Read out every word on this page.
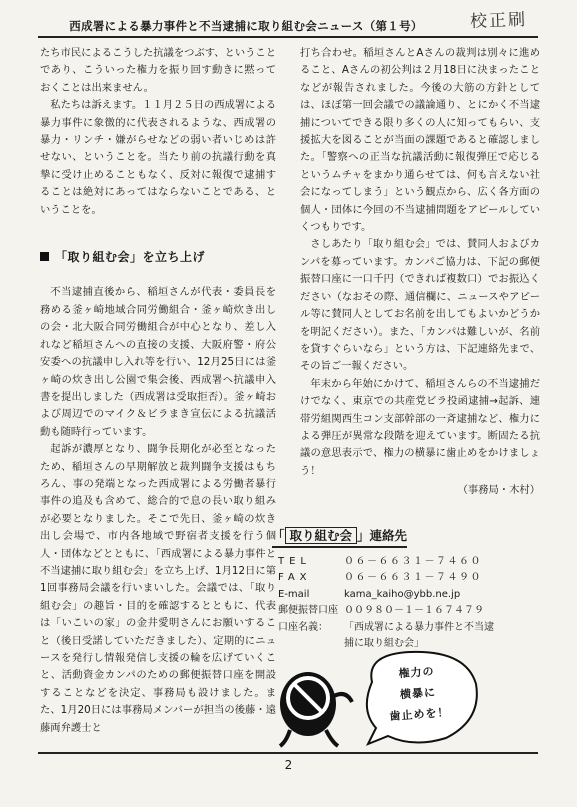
校正刷
西成署による暴力事件と不当逮捕に取り組む会ニュース（第１号）

たち市民によるこうした抗議をつぶす、ということであり、こういった権力を振り回す動きに黙っておくことは出来ません。

私たちは訴えます。１１月２５日の西成署による暴力事件に象徴的に代表されるような、西成署の暴力・リンチ・嫌がらせなどの弱い者いじめは許せない、ということを。当たり前の抗議行動を真摯に受け止めることもなく、反対に報復で逮捕することは絶対にあってはならないことである、ということを。

「取り組む会」を立ち上げ

不当逮捕直後から、稲垣さんが代表・委員長を務める釜ヶ崎地域合同労働組合・釜ヶ崎炊き出しの会・北大阪合同労働組合が中心となり、差し入れなど稲垣さんへの直接の支援、大阪府警・府公安委への抗議申し入れ等を行い、12月25日には釜ヶ崎の炊き出し公園で集会後、西成署へ抗議申入書を提出しました（西成署は受取拒否）。釜ヶ崎および周辺でのマイク＆ビラまき宣伝による抗議活動も随時行っています。

起訴が濃厚となり、闘争長期化が必至となったため、稲垣さんの早期解放と裁判闘争支援はもちろん、事の発端となった西成署による労働者暴行事件の追及も含めて、総合的で息の長い取り組みが必要となりました。そこで先日、釜ヶ崎の炊き出し会場で、市内各地域で野宿者支援を行う個人・団体などとともに、「西成署による暴力事件と不当逮捕に取り組む会」を立ち上げ、1月12日に第1回事務局会議を行いまいした。会議では、「取り組む会」の趣旨・目的を確認するとともに、代表は「いこいの家」の金井愛明さんにお願いすること（後日受諾していただきました）、定期的にニュースを発行し情報発信し支援の輪を広げていくこと、活動資金カンパのための郵便振替口座を開設することなどを決定、事務局も設けました。また、1月20日には事務局メンバーが担当の後藤・遠藤両弁護士と

打ち合わせ。稲垣さんとAさんの裁判は別々に進めること、Aさんの初公判は２月18日に決まったことなどが報告されました。今後の大筋の方針としては、ほぼ第一回会議での議論通り、とにかく不当逮捕についてできる限り多くの人に知ってもらい、支援拡大を図ることが当面の課題であると確認しました。「警察への正当な抗議活動に報復弾圧で応じるというムチャをまかり通らせては、何も言えない社会になってしまう」という観点から、広く各方面の個人・団体に今回の不当逮捕問題をアピールしていくつもりです。

さしあたり「取り組む会」では、賛同人およびカンパを募っています。カンパご協力は、下記の郵便振替口座に一口千円（できれば複数口）でお振込ください（なおその際、通信欄に、ニュースやアピール等に賛同人としてお名前を出してもよいかどうかを明記ください）。また、「カンパは難しいが、名前を貸すぐらいなら」という方は、下記連絡先まで、その旨ご一報ください。

年末から年始にかけて、稲垣さんらの不当逮捕だけでなく、東京での共産党ビラ投函逮捕→起訴、連帯労組関西生コン支部幹部の一斉逮捕など、権力による弾圧が異常な段階を迎えています。断固たる抗議の意思表示で、権力の横暴に歯止めをかけましょう！

（事務局・木村）

「 取り組む会 」連絡先
TEL	０６－６６３１－７４６０
FAX	０６－６６３１－７４９０
E-mail	kama_kaiho@ybb.ne.jp
郵便振替口座 ００９８０－１－１６７４７９
口座名義： 「西成署による暴力事件と不当逮
捕に取り組む会」
権力の
横暴に
歯止めを！
2
